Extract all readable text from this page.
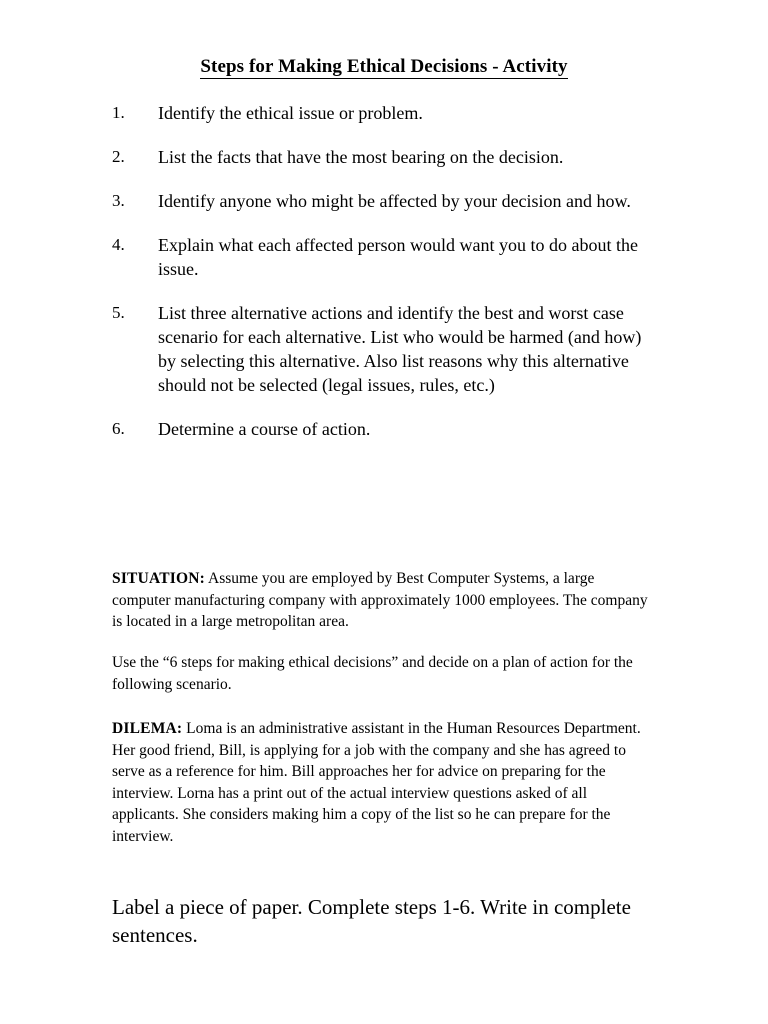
Steps for Making Ethical Decisions - Activity
1.	Identify the ethical issue or problem.
2.	List the facts that have the most bearing on the decision.
3.	Identify anyone who might be affected by your decision and how.
4.	Explain what each affected person would want you to do about the issue.
5.	List three alternative actions and identify the best and worst case scenario for each alternative. List who would be harmed (and how) by selecting this alternative. Also list reasons why this alternative should not be selected (legal issues, rules, etc.)
6.	Determine a course of action.
SITUATION: Assume you are employed by Best Computer Systems, a large computer manufacturing company with approximately 1000 employees. The company is located in a large metropolitan area.
Use the “6 steps for making ethical decisions” and decide on a plan of action for the following scenario.
DILEMA: Loma is an administrative assistant in the Human Resources Department. Her good friend, Bill, is applying for a job with the company and she has agreed to serve as a reference for him. Bill approaches her for advice on preparing for the interview. Lorna has a print out of the actual interview questions asked of all applicants. She considers making him a copy of the list so he can prepare for the interview.
Label a piece of paper. Complete steps 1-6. Write in complete sentences.
